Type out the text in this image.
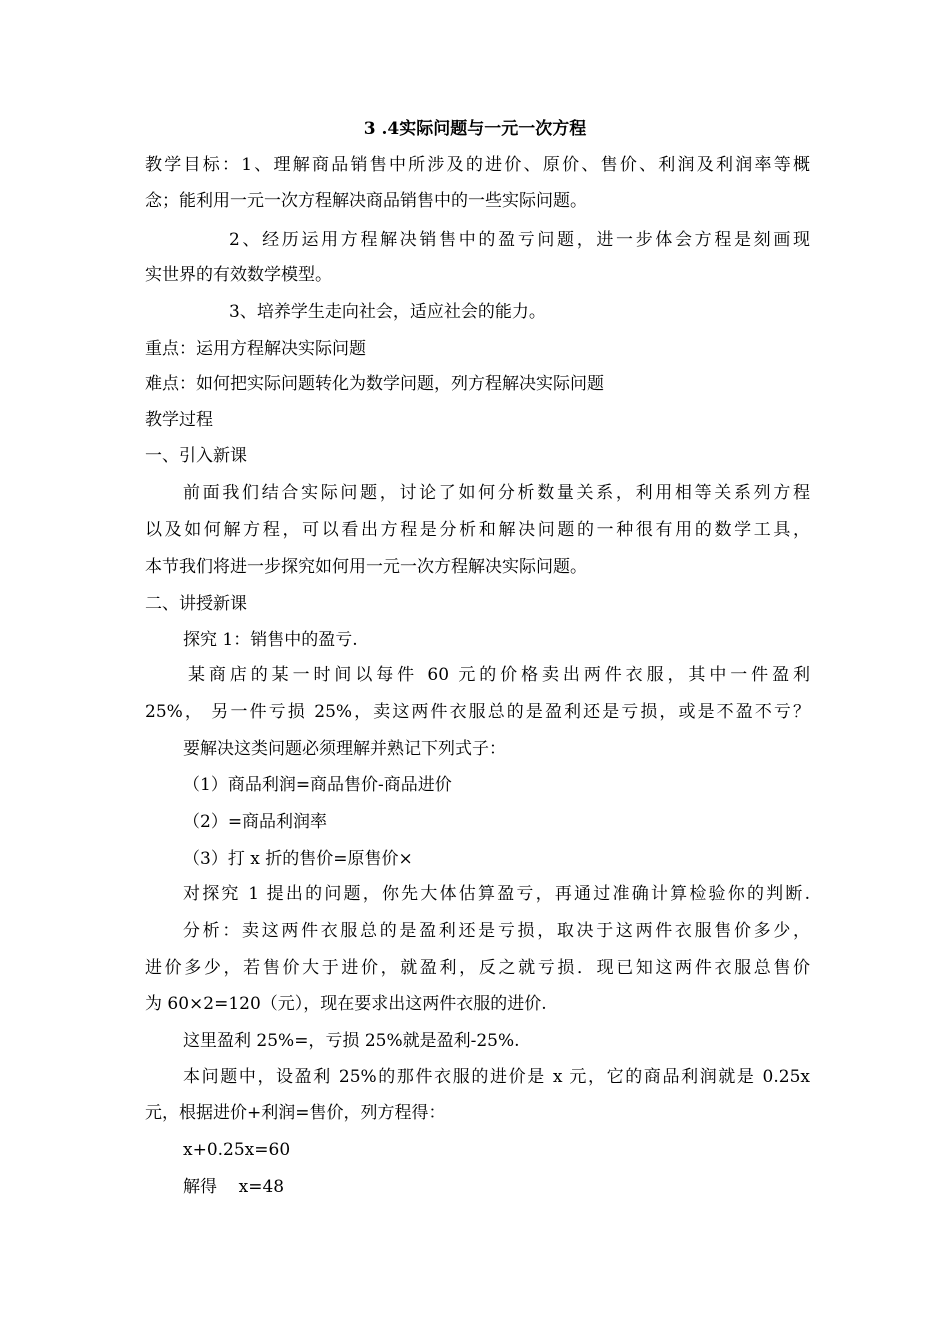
3 .4实际问题与一元一次方程
教学目标：1、理解商品销售中所涉及的进价、原价、售价、利润及利润率等概
念；能利用一元一次方程解决商品销售中的一些实际问题。
2、经历运用方程解决销售中的盈亏问题，进一步体会方程是刻画现
实世界的有效数学模型。
3、培养学生走向社会，适应社会的能力。
重点：运用方程解决实际问题
难点：如何把实际问题转化为数学问题，列方程解决实际问题
教学过程
一、引入新课
前面我们结合实际问题，讨论了如何分析数量关系，利用相等关系列方程
以及如何解方程，可以看出方程是分析和解决问题的一种很有用的数学工具，
本节我们将进一步探究如何用一元一次方程解决实际问题。
二、讲授新课
探究 1：销售中的盈亏.
某商店的某一时间以每件 60 元的价格卖出两件衣服，其中一件盈利
25%， 另一件亏损 25%，卖这两件衣服总的是盈利还是亏损，或是不盈不亏？
要解决这类问题必须理解并熟记下列式子：
（1）商品利润=商品售价-商品进价
（2）=商品利润率
（3）打 x 折的售价=原售价×
对探究 1 提出的问题，你先大体估算盈亏，再通过准确计算检验你的判断.
分析：卖这两件衣服总的是盈利还是亏损，取决于这两件衣服售价多少，
进价多少，若售价大于进价，就盈利，反之就亏损．现已知这两件衣服总售价
为 60×2=120（元），现在要求出这两件衣服的进价.
这里盈利 25%=，亏损 25%就是盈利-25%.
本问题中，设盈利 25%的那件衣服的进价是 x 元，它的商品利润就是 0.25x
元，根据进价+利润=售价，列方程得：
x+0.25x=60
解得    x=48
